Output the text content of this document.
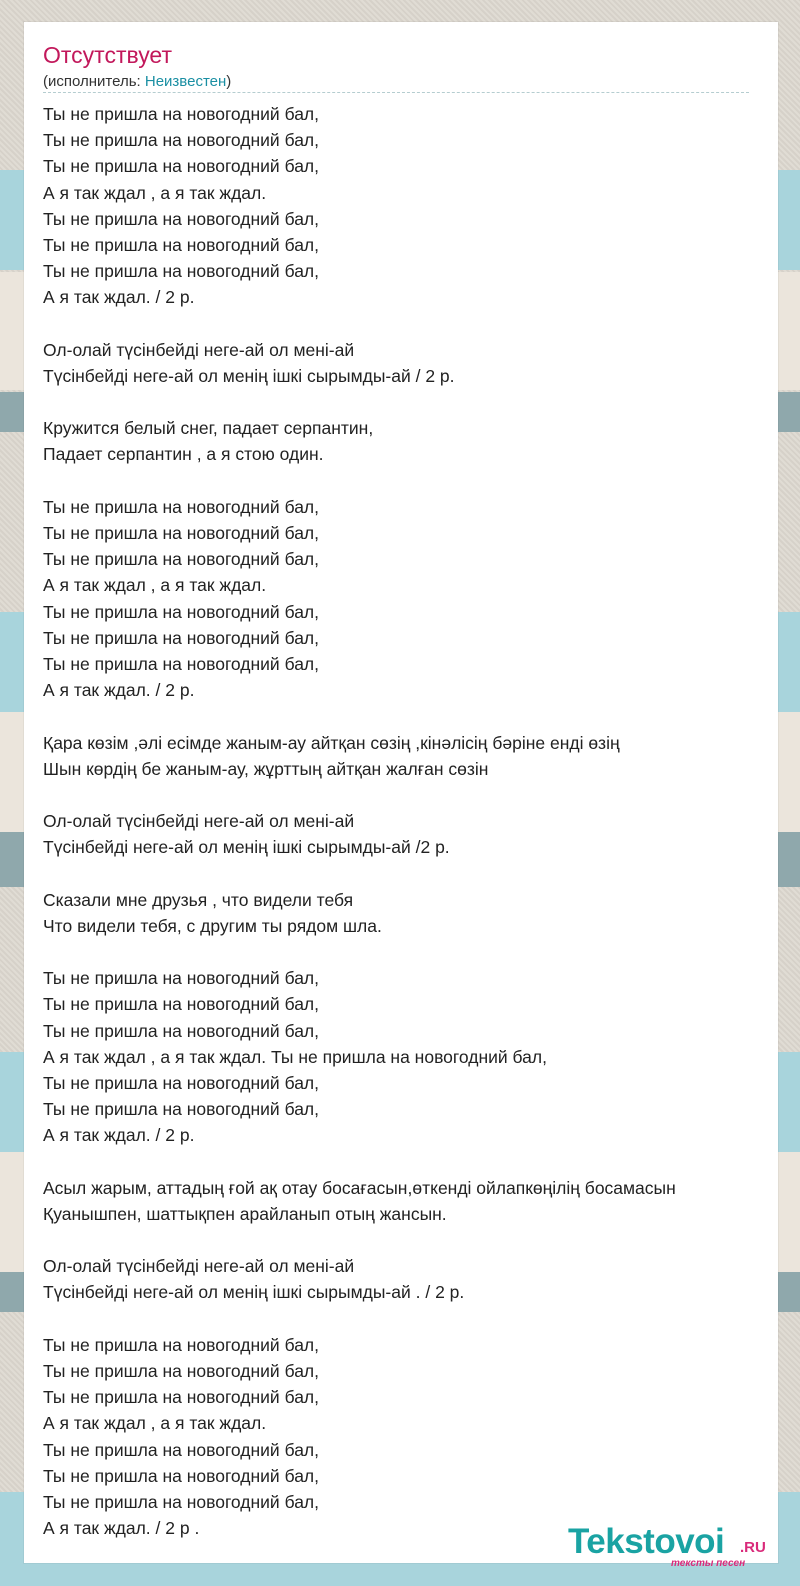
Отсутствует
(исполнитель: Неизвестен)
Ты не пришла на новогодний бал,
Ты не пришла на новогодний бал,
Ты не пришла на новогодний бал,
А я так ждал , а я так ждал.
Ты не пришла на новогодний бал,
Ты не пришла на новогодний бал,
Ты не пришла на новогодний бал,
А я так ждал. / 2 р.
Ол-олай түсінбейді неге-ай ол мені-ай
Түсінбейді неге-ай ол менің ішкі сырымды-ай / 2 р.
Кружится белый снег, падает серпантин,
Падает серпантин , а я стою один.
Ты не пришла на новогодний бал,
Ты не пришла на новогодний бал,
Ты не пришла на новогодний бал,
А я так ждал , а я так ждал.
Ты не пришла на новогодний бал,
Ты не пришла на новогодний бал,
Ты не пришла на новогодний бал,
А я так ждал. / 2 р.
Қара көзім ,әлі есімде жаным-ау айтқан сөзің ,кінәлісің бәріне енді өзің
Шын көрдің бе жаным-ау, жұрттың айтқан жалған сөзін
Ол-олай түсінбейді неге-ай ол мені-ай
Түсінбейді неге-ай ол менің ішкі сырымды-ай /2 р.
Сказали мне друзья , что видели тебя
Что видели тебя, с другим ты рядом шла.
Ты не пришла на новогодний бал,
Ты не пришла на новогодний бал,
Ты не пришла на новогодний бал,
А я так ждал , а я так ждал. Ты не пришла на новогодний бал,
Ты не пришла на новогодний бал,
Ты не пришла на новогодний бал,
А я так ждал. / 2 р.
Асыл жарым, аттадың ғой ақ отау босағасын,өткенді ойлапкөңілің босамасын
Қуанышпен, шаттықпен арайланып отың жансын.
Ол-олай түсінбейді неге-ай ол мені-ай
Түсінбейді неге-ай ол менің ішкі сырымды-ай . / 2 р.
Ты не пришла на новогодний бал,
Ты не пришла на новогодний бал,
Ты не пришла на новогодний бал,
А я так ждал , а я так ждал.
Ты не пришла на новогодний бал,
Ты не пришла на новогодний бал,
Ты не пришла на новогодний бал,
А я так ждал. / 2 р .	Tekstovoi .RU
тексты песен
